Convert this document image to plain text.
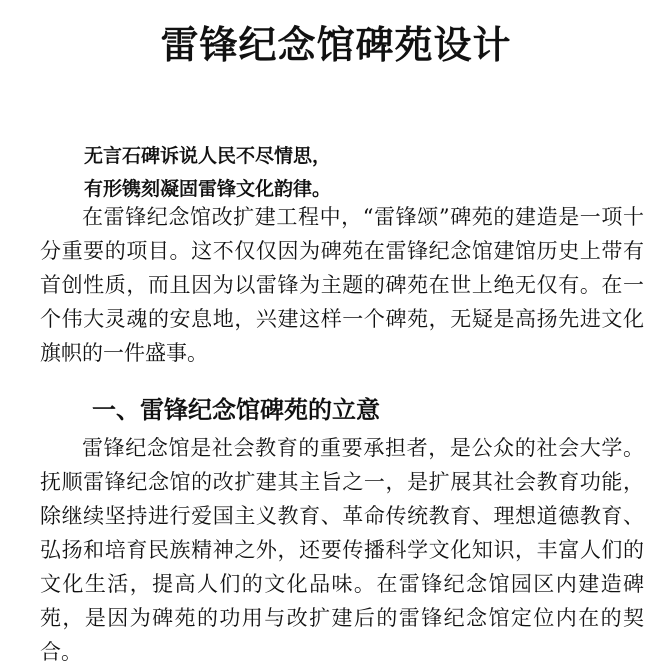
雷锋纪念馆碑苑设计

无言石碑诉说人民不尽情思，

有形镌刻凝固雷锋文化韵律。

在雷锋纪念馆改扩建工程中，“雷锋颂”碑苑的建造是一项十分重要的项目。这不仅仅因为碑苑在雷锋纪念馆建馆历史上带有首创性质，而且因为以雷锋为主题的碑苑在世上绝无仅有。在一个伟大灵魂的安息地，兴建这样一个碑苑，无疑是高扬先进文化旗帜的一件盛事。

一、雷锋纪念馆碑苑的立意

雷锋纪念馆是社会教育的重要承担者，是公众的社会大学。抚顺雷锋纪念馆的改扩建其主旨之一，是扩展其社会教育功能，除继续坚持进行爱国主义教育、革命传统教育、理想道德教育、弘扬和培育民族精神之外，还要传播科学文化知识，丰富人们的文化生活，提高人们的文化品味。在雷锋纪念馆园区内建造碑苑，是因为碑苑的功用与改扩建后的雷锋纪念馆定位内在的契合。
